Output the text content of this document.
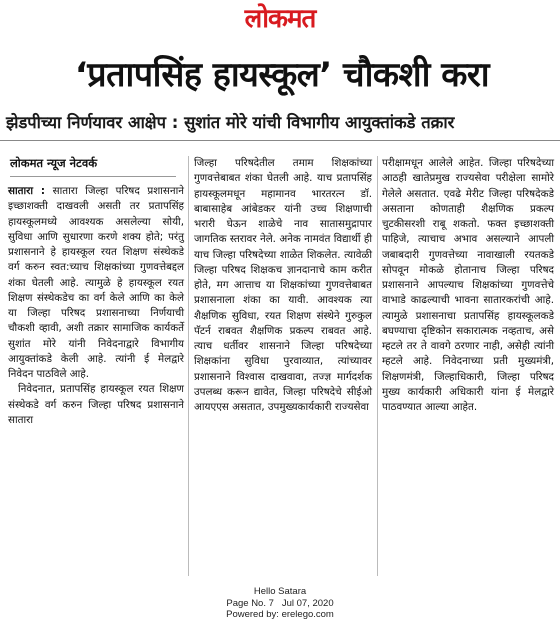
लोकमत
‘प्रतापसिंह हायस्कूल’ चौकशी करा
झेडपीच्या निर्णयावर आक्षेप : सुशांत मोरे यांची विभागीय आयुक्तांकडे तक्रार
लोकमत न्यूज नेटवर्क

सातारा : सातारा जिल्हा परिषद प्रशासनाने इच्छाशक्ती दाखवली असती तर प्रतापसिंह हायस्कूलमध्ये आवश्यक असलेल्या सोयी, सुविधा आणि सुधारणा करणे शक्य होते; परंतु प्रशासनाने हे हायस्कूल रयत शिक्षण संस्थेकडे वर्ग करुन स्वत:च्याच शिक्षकांच्या गुणवत्तेबद्दल शंका घेतली आहे. त्यामुळे हे हायस्कूल रयत शिक्षण संस्थेकडेच का वर्ग केले आणि का केले या जिल्हा परिषद प्रशासनाच्या निर्णयाची चौकशी व्हावी, अशी तक्रार सामाजिक कार्यकर्ते सुशांत मोरे यांनी निवेदनाद्वारे विभागीय आयुक्तांकडे केली आहे. त्यांनी ई मेलद्वारे निवेदन पाठविले आहे.

निवेदनात, प्रतापसिंह हायस्कूल रयत शिक्षण संस्थेकडे वर्ग करुन जिल्हा परिषद प्रशासनाने सातारा

जिल्हा परिषदेतील तमाम शिक्षकांच्या गुणवत्तेबाबत शंका घेतली आहे. याच प्रतापसिंह हायस्कूलमधून महामानव भारतरत्न डॉ. बाबासाहेब आंबेडकर यांनी उच्च शिक्षणाची भरारी घेऊन शाळेचे नाव सातासमुद्रापार जागतिक स्तरावर नेले. अनेक नामवंत विद्यार्थी ही याच जिल्हा परिषदेच्या शाळेत शिकलेत. त्यावेळी जिल्हा परिषद शिक्षकच ज्ञानदानाचे काम करीत होते, मग आत्ताच या शिक्षकांच्या गुणवत्तेबाबत प्रशासनाला शंका का यावी. आवश्यक त्या शैक्षणिक सुविधा, रयत शिक्षण संस्थेने गुरुकुल पॅटर्न राबवत शैक्षणिक प्रकल्प राबवत आहे. त्याच धर्तीवर शासनाने जिल्हा परिषदेच्या शिक्षकांना सुविधा पुरवाव्यात, त्यांच्यावर प्रशासनाने विश्वास दाखवावा, तज्ज्ञ मार्गदर्शक उपलब्ध करून द्यावेत, जिल्हा परिषदेचे सीईओ आयएएस असतात, उपमुख्यकार्यकारी राज्यसेवा

परीक्षामधून आलेले आहेत. जिल्हा परिषदेच्या आठही खातेप्रमुख राज्यसेवा परीक्षेला सामोरे गेलेले असतात. एवढे मेरीट जिल्हा परिषदेकडे असताना कोणताही शैक्षणिक प्रकल्प चुटकीसरशी राबू शकतो. फक्त इच्छाशक्ती पाहिजे, त्याचाच अभाव असल्याने आपली जबाबदारी गुणवत्तेच्या नावाखाली रयतकडे सोपवून मोकळे होतानाच जिल्हा परिषद प्रशासनाने आपल्याच शिक्षकांच्या गुणवत्तेचे वाभाडे काढल्याची भावना सातारकरांची आहे. त्यामुळे प्रशासनाचा प्रतापसिंह हायस्कूलकडे बघण्याचा दृष्टिकोन सकारात्मक नव्हताच, असे म्हटले तर ते वावगे ठरणार नाही, असेही त्यांनी म्हटले आहे. निवेदनाच्या प्रती मुख्यमंत्री, शिक्षणमंत्री, जिल्हाधिकारी, जिल्हा परिषद मुख्य कार्यकारी अधिकारी यांना ई मेलद्वारे पाठवण्यात आल्या आहेत.

Hello Satara
Page No. 7 Jul 07, 2020
Powered by: erelego.com
